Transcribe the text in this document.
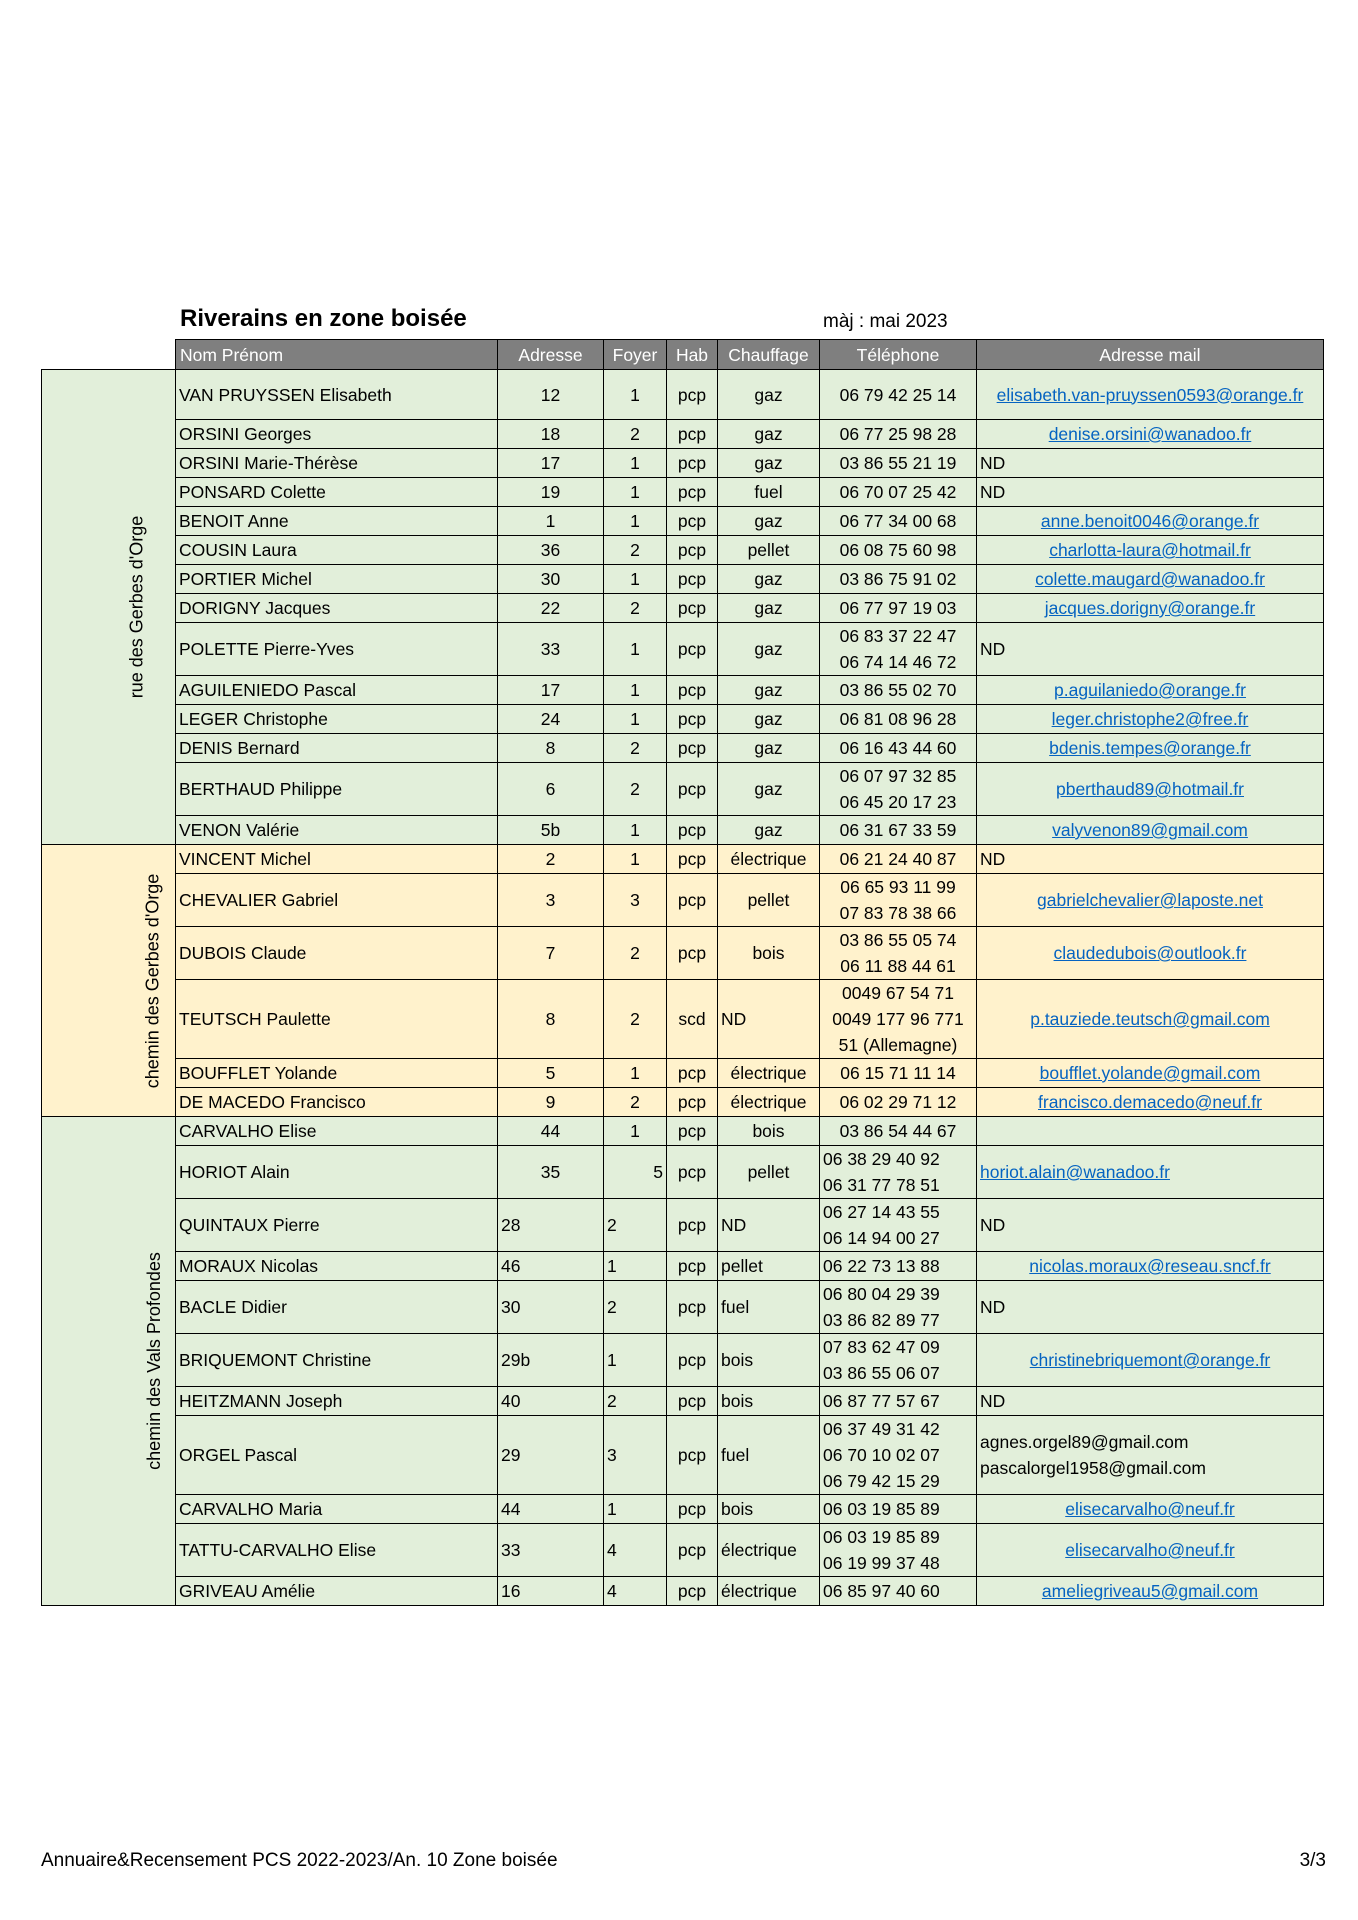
Riverains en zone boisée	màj : mai 2023
	Nom Prénom	Adresse	Foyer	Hab	Chauffage	Téléphone	Adresse mail
rue des Gerbes d'Orge	VAN PRUYSSEN Elisabeth	12	1	pcp	gaz	06 79 42 25 14	elisabeth.van-pruyssen0593@orange.fr
	ORSINI Georges	18	2	pcp	gaz	06 77 25 98 28	denise.orsini@wanadoo.fr
	ORSINI Marie-Thérèse	17	1	pcp	gaz	03 86 55 21 19	ND
	PONSARD Colette	19	1	pcp	fuel	06 70 07 25 42	ND
	BENOIT Anne	1	1	pcp	gaz	06 77 34 00 68	anne.benoit0046@orange.fr
	COUSIN Laura	36	2	pcp	pellet	06 08 75 60 98	charlotta-laura@hotmail.fr
	PORTIER Michel	30	1	pcp	gaz	03 86 75 91 02	colette.maugard@wanadoo.fr
	DORIGNY Jacques	22	2	pcp	gaz	06 77 97 19 03	jacques.dorigny@orange.fr
	POLETTE Pierre-Yves	33	1	pcp	gaz	06 83 37 22 47
06 74 14 46 72	ND
	AGUILENIEDO Pascal	17	1	pcp	gaz	03 86 55 02 70	p.aguilaniedo@orange.fr
	LEGER Christophe	24	1	pcp	gaz	06 81 08 96 28	leger.christophe2@free.fr
	DENIS Bernard	8	2	pcp	gaz	06 16 43 44 60	bdenis.tempes@orange.fr
	BERTHAUD Philippe	6	2	pcp	gaz	06 07 97 32 85
06 45 20 17 23	pberthaud89@hotmail.fr
	VENON Valérie	5b	1	pcp	gaz	06 31 67 33 59	valyvenon89@gmail.com
chemin des Gerbes d'Orge	VINCENT Michel	2	1	pcp	électrique	06 21 24 40 87	ND
	CHEVALIER Gabriel	3	3	pcp	pellet	06 65 93 11 99
07 83 78 38 66	gabrielchevalier@laposte.net
	DUBOIS Claude	7	2	pcp	bois	03 86 55 05 74
06 11 88 44 61	claudedubois@outlook.fr
	TEUTSCH Paulette	8	2	scd	ND	0049 67 54 71
0049 177 96 771
51 (Allemagne)	p.tauziede.teutsch@gmail.com
	BOUFFLET Yolande	5	1	pcp	électrique	06 15 71 11 14	boufflet.yolande@gmail.com
	DE MACEDO Francisco	9	2	pcp	électrique	06 02 29 71 12	francisco.demacedo@neuf.fr
chemin des Vals Profondes	CARVALHO Elise	44	1	pcp	bois	03 86 54 44 67	

	HORIOT Alain	35	5	pcp	pellet	06 38 29 40 92
06 31 77 78 51	horiot.alain@wanadoo.fr
	QUINTAUX Pierre	28	2	pcp	ND	06 27 14 43 55
06 14 94 00 27	ND
	MORAUX Nicolas	46	1	pcp	pellet	06 22 73 13 88	nicolas.moraux@reseau.sncf.fr
	BACLE Didier	30	2	pcp	fuel	06 80 04 29 39
03 86 82 89 77	ND
	BRIQUEMONT Christine	29b	1	pcp	bois	07 83 62 47 09
03 86 55 06 07	christinebriquemont@orange.fr
	HEITZMANN Joseph	40	2	pcp	bois	06 87 77 57 67	ND
	ORGEL Pascal	29	3	pcp	fuel	06 37 49 31 42
06 70 10 02 07
06 79 42 15 29	agnes.orgel89@gmail.com pascalorgel1958@gmail.com

	CARVALHO Maria	44	1	pcp	bois	06 03 19 85 89	elisecarvalho@neuf.fr
	TATTU-CARVALHO Elise	33	4	pcp	électrique	06 03 19 85 89
06 19 99 37 48	elisecarvalho@neuf.fr
	GRIVEAU Amélie	16	4	pcp	électrique	06 85 97 40 60	ameliegriveau5@gmail.com
Annuaire&Recensement PCS 2022-2023/An. 10 Zone boisée	3/3
